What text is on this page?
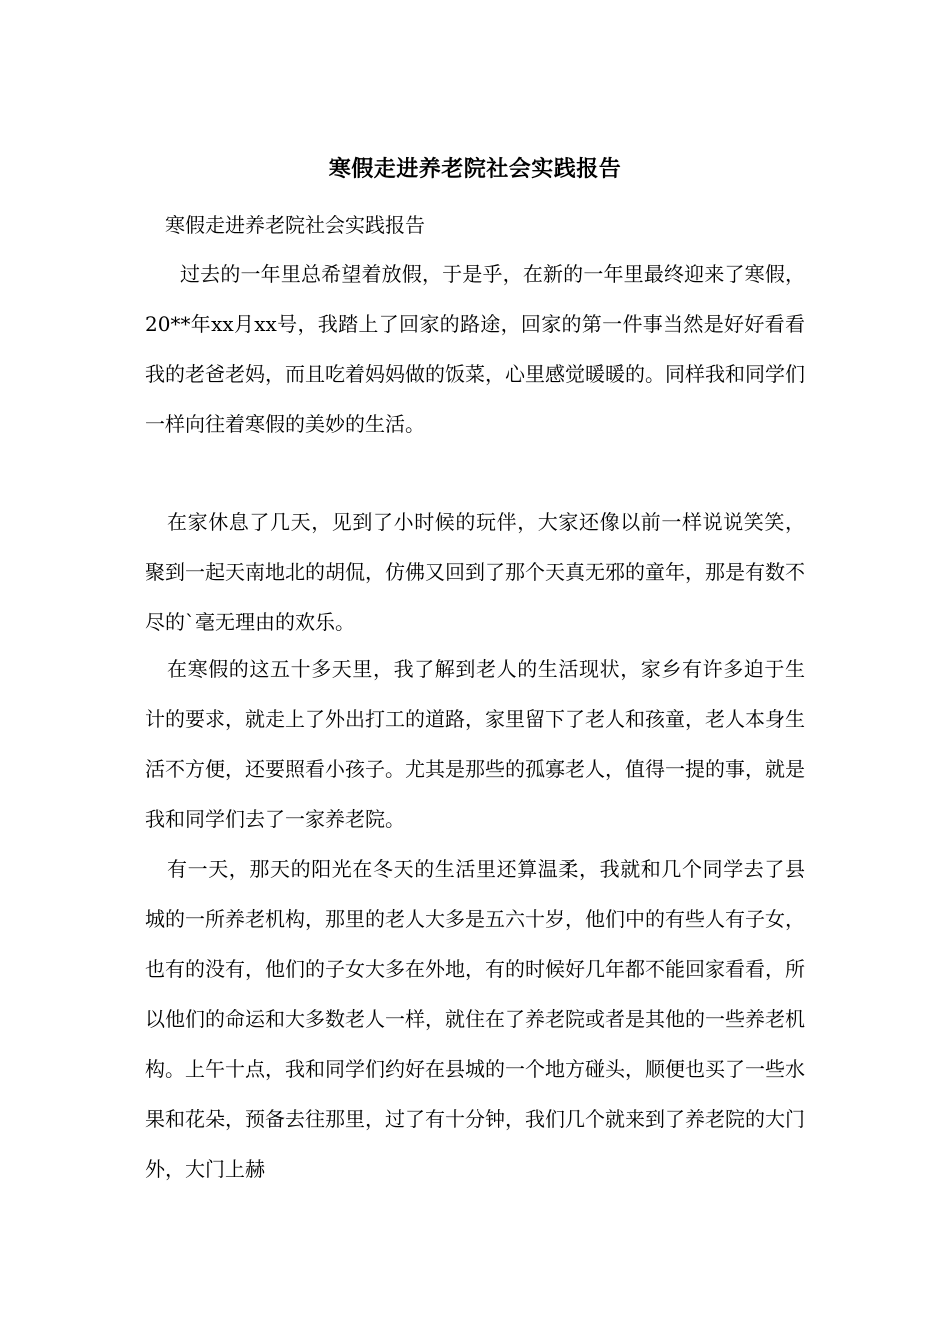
寒假走进养老院社会实践报告
寒假走进养老院社会实践报告
过去的一年里总希望着放假，于是乎，在新的一年里最终迎来了寒假，20**年xx月xx号，我踏上了回家的路途，回家的第一件事当然是好好看看我的老爸老妈，而且吃着妈妈做的饭菜，心里感觉暖暖的。同样我和同学们一样向往着寒假的美妙的生活。
在家休息了几天，见到了小时候的玩伴，大家还像以前一样说说笑笑，聚到一起天南地北的胡侃，仿佛又回到了那个天真无邪的童年，那是有数不尽的`毫无理由的欢乐。
在寒假的这五十多天里，我了解到老人的生活现状，家乡有许多迫于生计的要求，就走上了外出打工的道路，家里留下了老人和孩童，老人本身生活不方便，还要照看小孩子。尤其是那些的孤寡老人，值得一提的事，就是我和同学们去了一家养老院。
有一天，那天的阳光在冬天的生活里还算温柔，我就和几个同学去了县城的一所养老机构，那里的老人大多是五六十岁，他们中的有些人有子女，也有的没有，他们的子女大多在外地，有的时候好几年都不能回家看看，所以他们的命运和大多数老人一样，就住在了养老院或者是其他的一些养老机构。上午十点，我和同学们约好在县城的一个地方碰头，顺便也买了一些水果和花朵，预备去往那里，过了有十分钟，我们几个就来到了养老院的大门外，大门上赫
